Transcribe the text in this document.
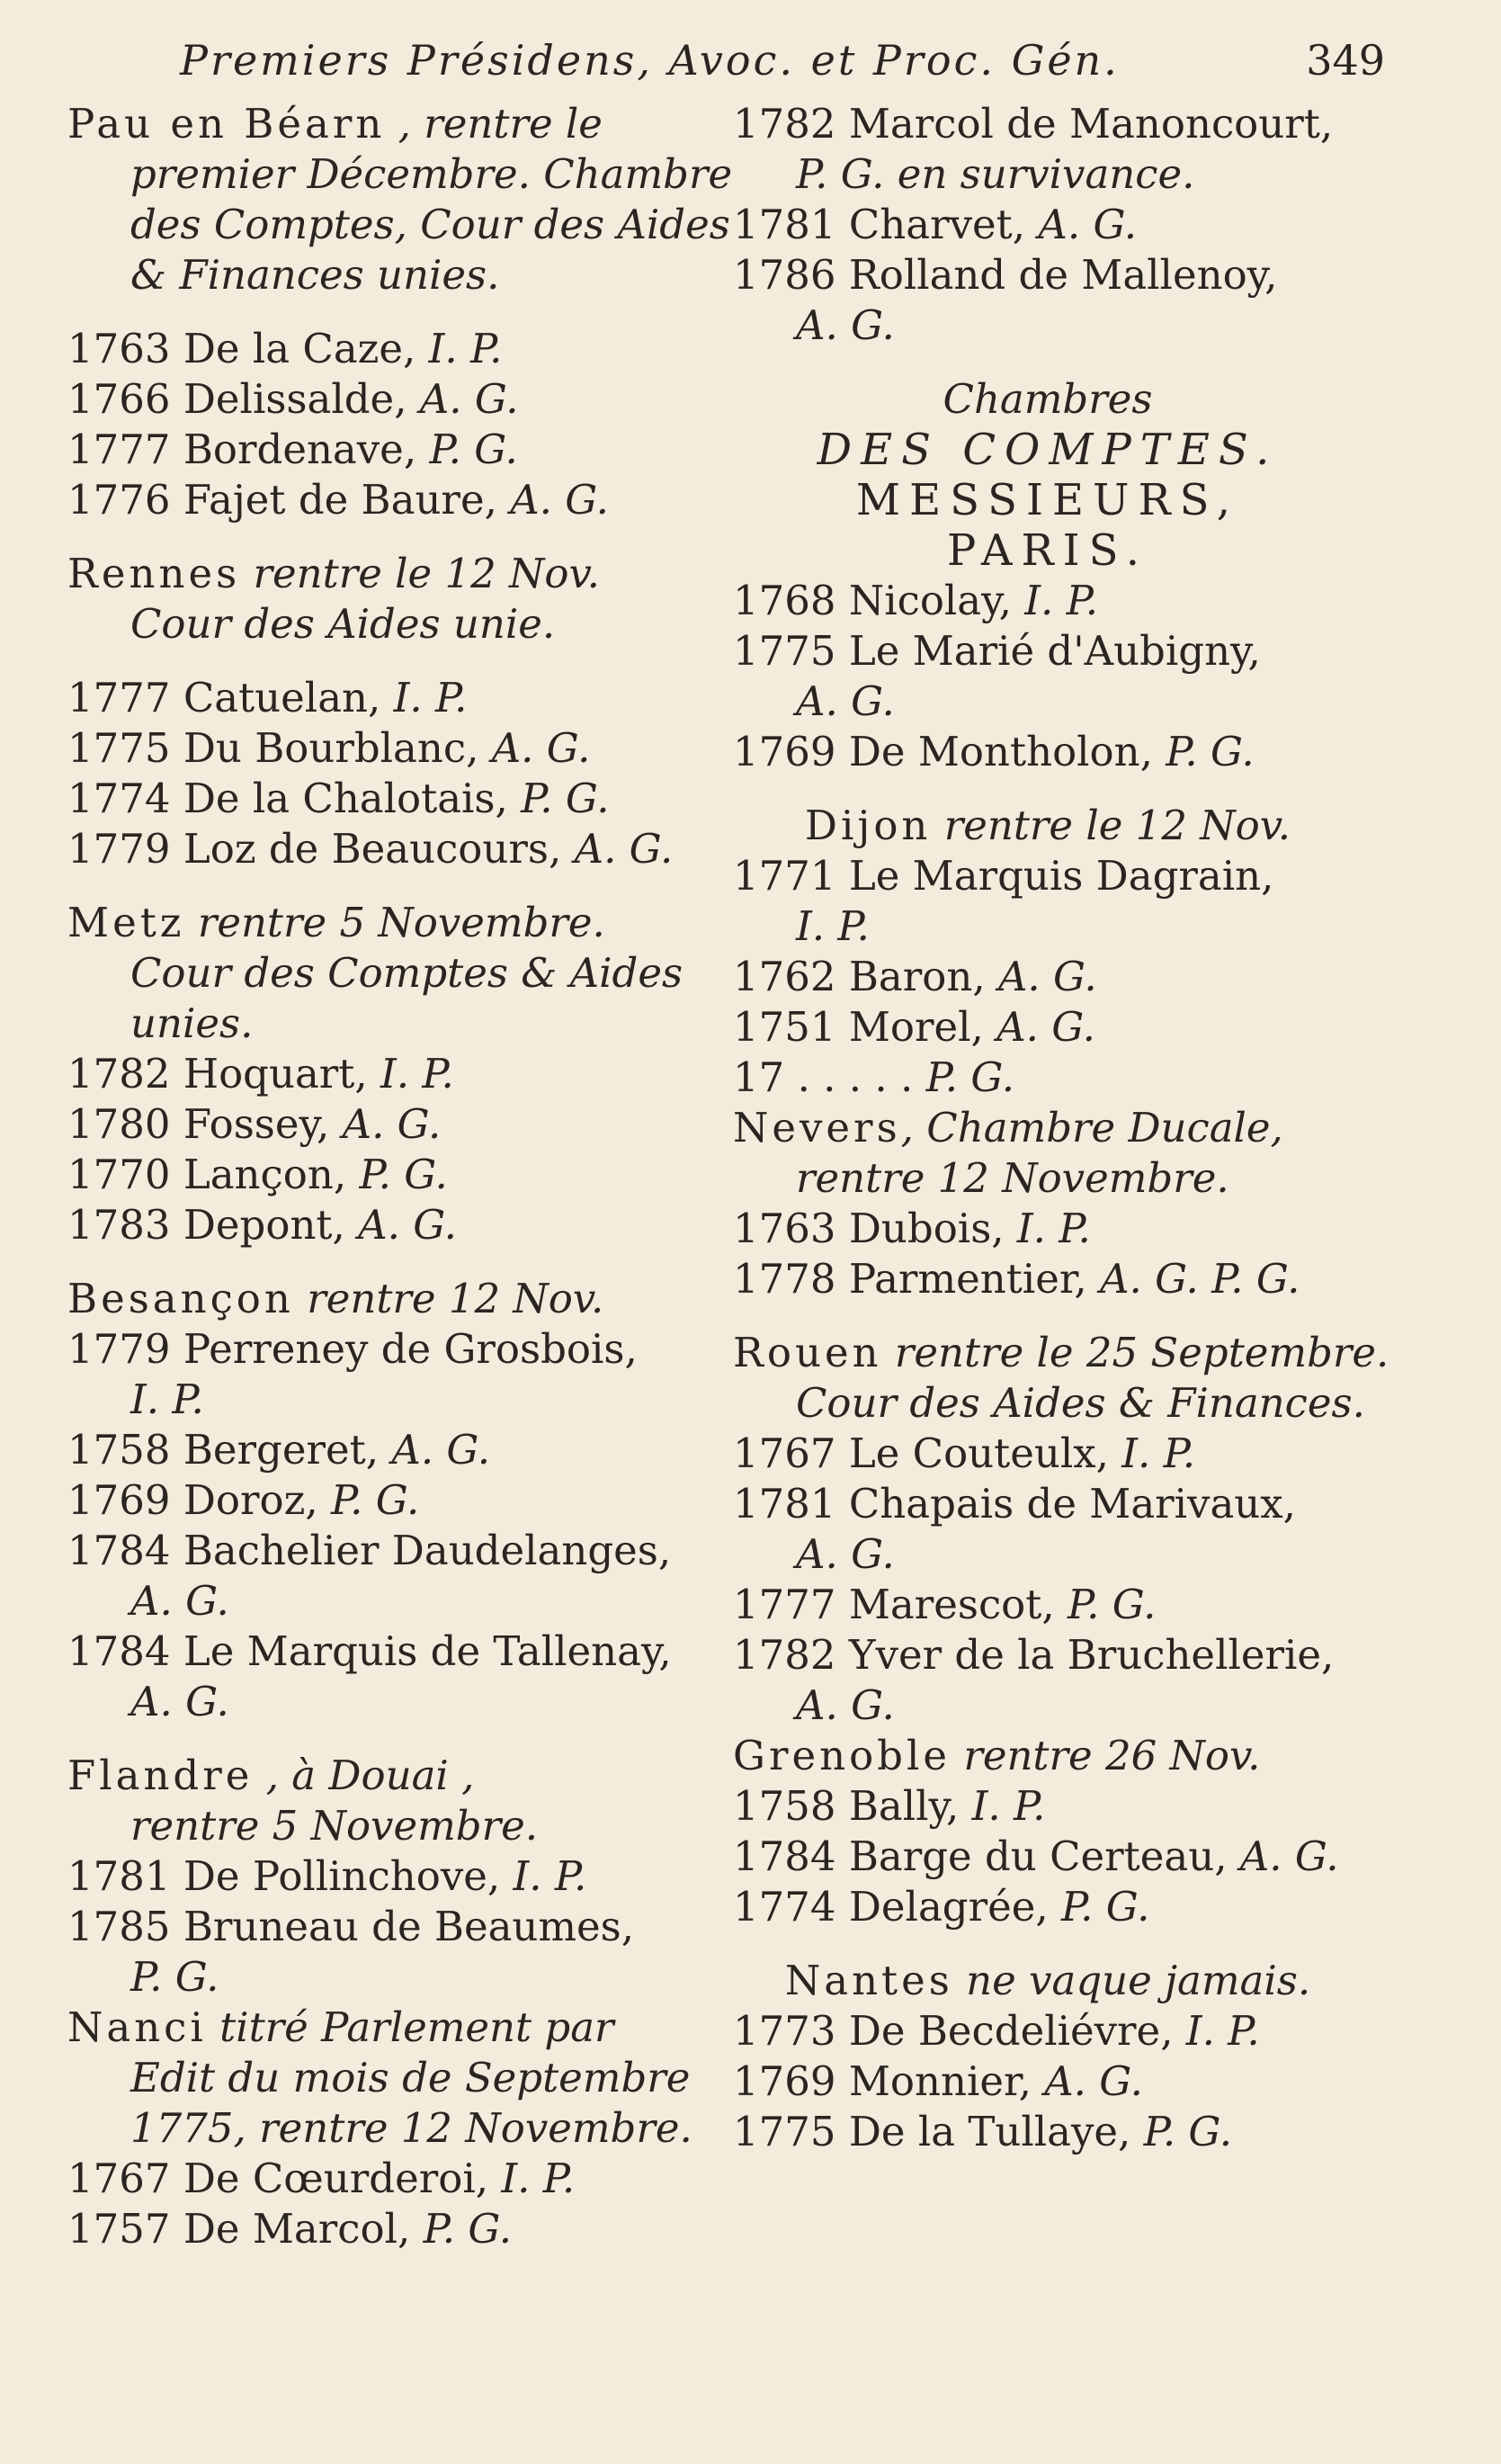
Premiers Présidens, Avoc. et Proc. Gén.	349
Pau en Béarn , rentre le
premier Décembre. Chambre
des Comptes, Cour des Aides
& Finances unies.
1763 De la Caze, I. P.
1766 Delissalde, A. G.
1777 Bordenave, P. G.
1776 Fajet de Baure, A. G.
Rennes rentre le 12 Nov.
Cour des Aides unie.
1777 Catuelan, I. P.
1775 Du Bourblanc, A. G.
1774 De la Chalotais, P. G.
1779 Loz de Beaucours, A. G.
Metz rentre 5 Novembre.
Cour des Comptes & Aides
unies.
1782 Hoquart, I. P.
1780 Fossey, A. G.
1770 Lançon, P. G.
1783 Depont, A. G.
Besançon rentre 12 Nov.
1779 Perreney de Grosbois,
I. P.
1758 Bergeret, A. G.
1769 Doroz, P. G.
1784 Bachelier Daudelanges,
A. G.
1784 Le Marquis de Tallenay,
A. G.
Flandre , à Douai ,
rentre 5 Novembre.
1781 De Pollinchove, I. P.
1785 Bruneau de Beaumes,
P. G.
Nanci titré Parlement par
Edit du mois de Septembre
1775, rentre 12 Novembre.
1767 De Cœurderoi, I. P.
1757 De Marcol, P. G.
1782 Marcol de Manoncourt,
P. G. en survivance.
1781 Charvet, A. G.
1786 Rolland de Mallenoy,
A. G.
Chambres
DES COMPTES.
MESSIEURS,
PARIS.
1768 Nicolay, I. P.
1775 Le Marié d'Aubigny,
A. G.
1769 De Montholon, P. G.
Dijon rentre le 12 Nov.
1771 Le Marquis Dagrain,
I. P.
1762 Baron, A. G.
1751 Morel, A. G.
17 . . . . . P. G.
Nevers, Chambre Ducale,
rentre 12 Novembre.
1763 Dubois, I. P.
1778 Parmentier, A. G. P. G.
Rouen rentre le 25 Septembre.
Cour des Aides & Finances.
1767 Le Couteulx, I. P.
1781 Chapais de Marivaux,
A. G.
1777 Marescot, P. G.
1782 Yver de la Bruchellerie,
A. G.
Grenoble rentre 26 Nov.
1758 Bally, I. P.
1784 Barge du Certeau, A. G.
1774 Delagrée, P. G.
Nantes ne vaque jamais.
1773 De Becdeliévre, I. P.
1769 Monnier, A. G.
1775 De la Tullaye, P. G.
